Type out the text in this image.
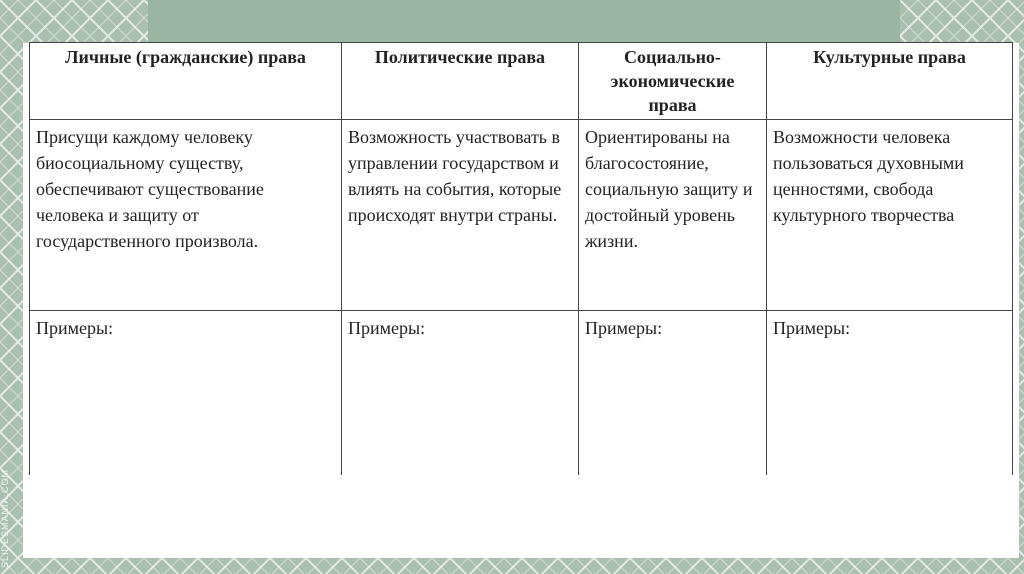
SLIDESMANIA.COM
Личные (гражданские) права	Политические права	Социально-экономические права	Культурные права
Присущи каждому человеку биосоциальному существу, обеспечивают существование человека и защиту от государственного произвола.	Возможность участвовать в управлении государством и влиять на события, которые происходят внутри страны.	Ориентированы на благосостояние, социальную защиту и достойный уровень жизни.	Возможности человека пользоваться духовными ценностями, свобода культурного творчества
Примеры:	Примеры:	Примеры:	Примеры:
